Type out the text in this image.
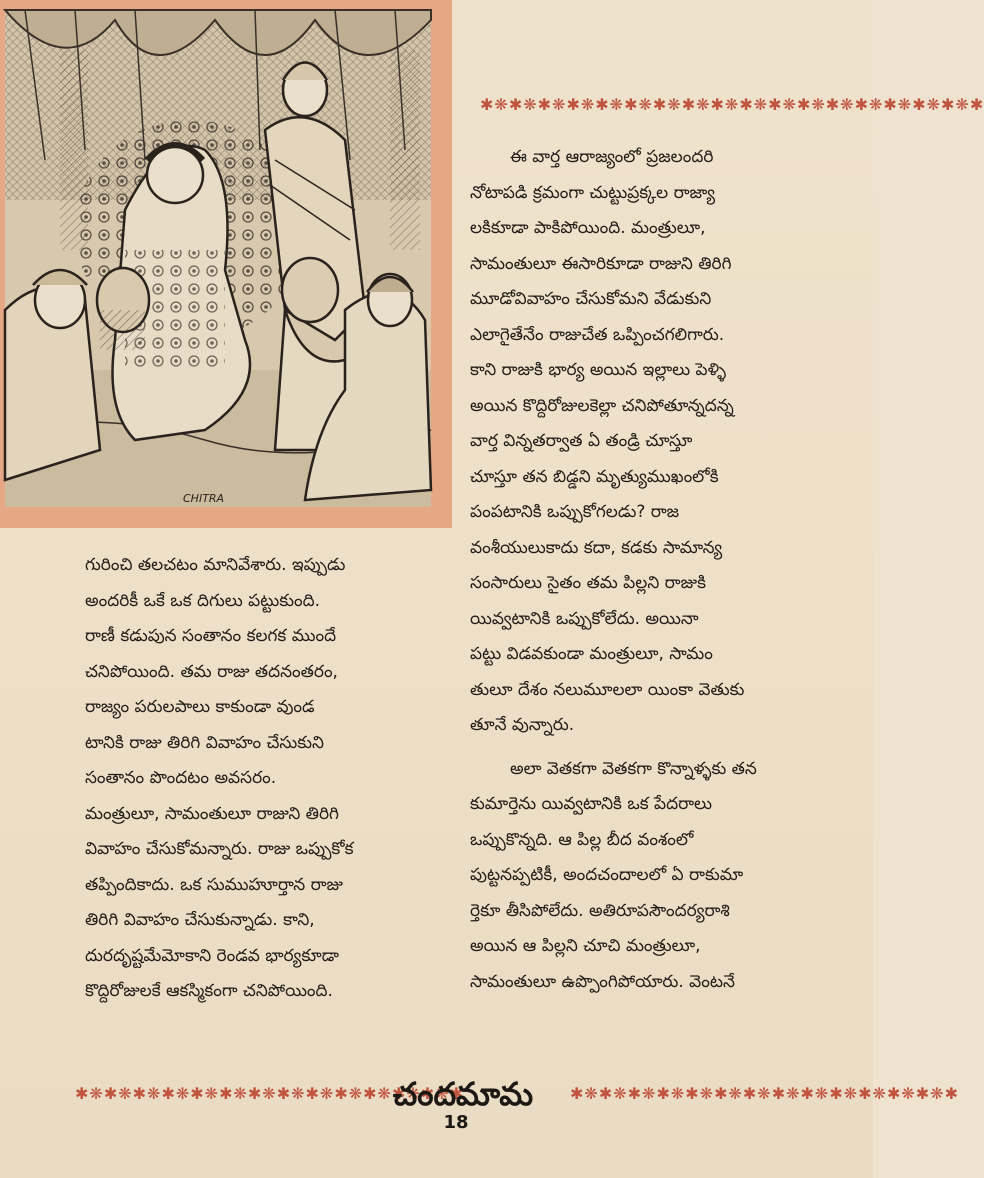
CHITRA
✱❋✱❋✱❋✱❋✱❋✱❋✱❋✱❋✱❋✱❋✱❋✱❋✱❋✱❋✱❋✱❋✱❋✱

ఈ వార్త ఆరాజ్యంలో ప్రజలందరి

నోటాపడి క్రమంగా చుట్టుప్రక్కల రాజ్యా

లకికూడా పాకిపోయింది. మంత్రులూ,

సామంతులూ ఈసారికూడా రాజుని తిరిగి

మూడోవివాహం చేసుకోమని వేడుకుని

ఎలాగైతేనేం రాజుచేత ఒప్పించగలిగారు.

కాని రాజుకి భార్య అయిన ఇల్లాలు పెళ్ళి

అయిన కొద్దిరోజులకెల్లా చనిపోతూన్నదన్న

వార్త విన్నతర్వాత ఏ తండ్రి చూస్తూ

చూస్తూ తన బిడ్డని మృత్యుముఖంలోకి

పంపటానికి ఒప్పుకోగలడు? రాజ

వంశీయులుకాదు కదా, కడకు సామాన్య

సంసారులు సైతం తమ పిల్లని రాజుకి

యివ్వటానికి ఒప్పుకోలేదు. అయినా

పట్టు విడవకుండా మంత్రులూ, సామం

తులూ దేశం నలుమూలలా యింకా వెతుకు

తూనే వున్నారు.

అలా వెతకగా వెతకగా కొన్నాళ్ళకు తన

కుమార్తెను యివ్వటానికి ఒక పేదరాలు

ఒప్పుకొన్నది. ఆ పిల్ల బీద వంశంలో

పుట్టనప్పటికీ, అందచందాలలో ఏ రాకుమా

ర్తెకూ తీసిపోలేదు. అతిరూపసౌందర్యరాశి

అయిన ఆ పిల్లని చూచి మంత్రులూ,

సామంతులూ ఉప్పొంగిపోయారు. వెంటనే

గురించి తలచటం మానివేశారు. ఇప్పుడు

అందరికీ ఒకే ఒక దిగులు పట్టుకుంది.

రాణీ కడుపున సంతానం కలగక ముందే

చనిపోయింది. తమ రాజు తదనంతరం,

రాజ్యం పరులపాలు కాకుండా వుండ

టానికి రాజు తిరిగి వివాహం చేసుకుని

సంతానం పొందటం అవసరం.

మంత్రులూ, సామంతులూ రాజుని తిరిగి

వివాహం చేసుకోమన్నారు. రాజు ఒప్పుకోక

తప్పిందికాదు. ఒక సుముహూర్తాన రాజు

తిరిగి వివాహం చేసుకున్నాడు. కాని,

దురదృష్టమేమోకాని రెండవ భార్యకూడా

కొద్దిరోజులకే ఆకస్మికంగా చనిపోయింది.

✱❋✱❋✱❋✱❋✱❋✱❋✱❋✱❋✱❋✱❋✱❋✱❋✱❋✱
చందమామ	✱❋✱❋✱❋✱❋✱❋✱❋✱❋✱❋✱❋✱❋✱❋✱❋✱❋✱
18
